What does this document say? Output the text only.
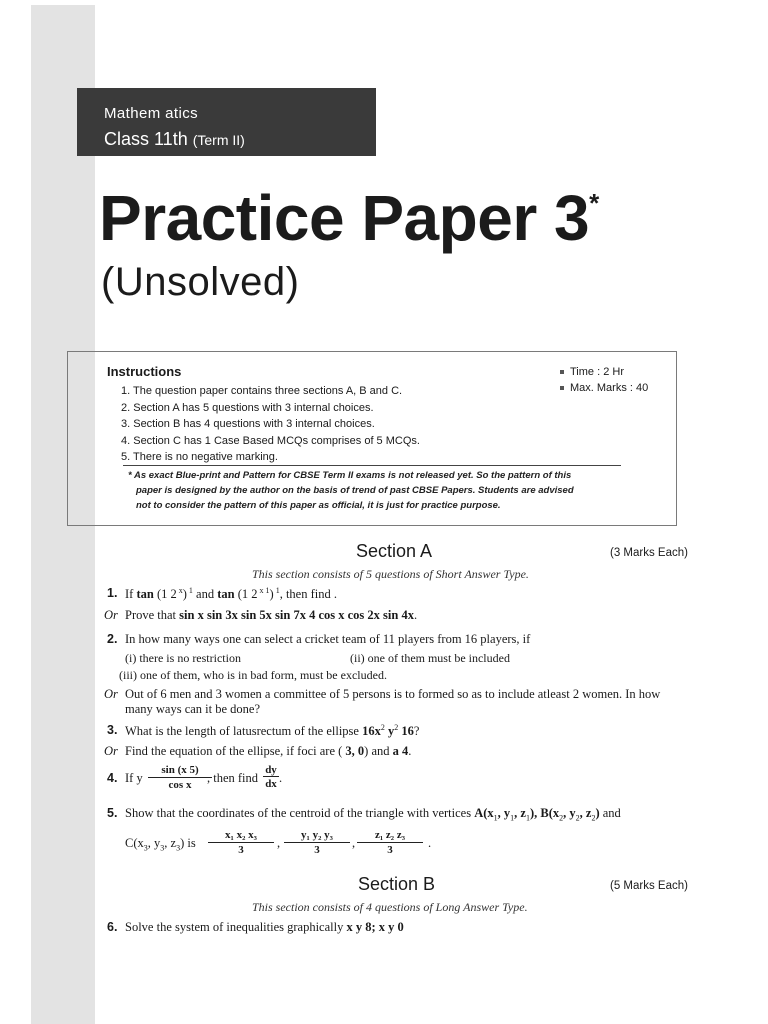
Mathem atics
Class 11th (Term II)
Practice Paper 3*
(Unsolved)
Instructions
1. The question paper contains three sections A, B and C.
2. Section A has 5 questions with 3 internal choices.
3. Section B has 4 questions with 3 internal choices.
4. Section C has 1 Case Based MCQs comprises of 5 MCQs.
5. There is no negative marking.
Time : 2 Hr
Max. Marks : 40
* As exact Blue-print and Pattern for CBSE Term II exams is not released yet. So the pattern of this
paper is designed by the author on the basis of trend of past CBSE Papers. Students are advised
not to consider the pattern of this paper as official, it is just for practice purpose.
Section A	(3 Marks Each)
This section consists of 5 questions of Short Answer Type.
1. If tan (1 2 $^x$) $^1$ and tan (1 2 $^{x 1}$) $^1$, then find .
Or Prove that sin x sin 3x sin 5x sin 7x 4 cos x cos 2x sin 4x.
2. In how many ways one can select a cricket team of 11 players from 16 players, if
(i) there is no restriction	(ii) one of them must be included
(iii) one of them, who is in bad form, must be excluded.
Or Out of 6 men and 3 women a committee of 5 persons is to formed so as to include atleast 2 women. In how
many ways can it be done?
3. What is the length of latusrectum of the ellipse $16x^2$ $y^2$ 16?
Or Find the equation of the ellipse, if foci are ( 3, 0) and a 4.
4. If y $\frac{\sin (x 5)}{\text{cos x}}$
, then find $\frac{dy}{dx}$ .
5. Show that the coordinates of the centroid of the triangle with vertices $A(x_1$, $y_1$, $z_1$), $B(x_2$, $y_2$, $z_2$) and
$C(x_3$, $y_3$, $z_3$) is $\frac{\text{x₁ x₂ x₃}}{3}$ , $\frac{\text{y₁ y₂ y₃}}{3}$ , $\frac{\text{z₁ z₂ z₃}}{3}$ .
Section B	(5 Marks Each)
This section consists of 4 questions of Long Answer Type.
6. Solve the system of inequalities graphically x y 8; x y 0
